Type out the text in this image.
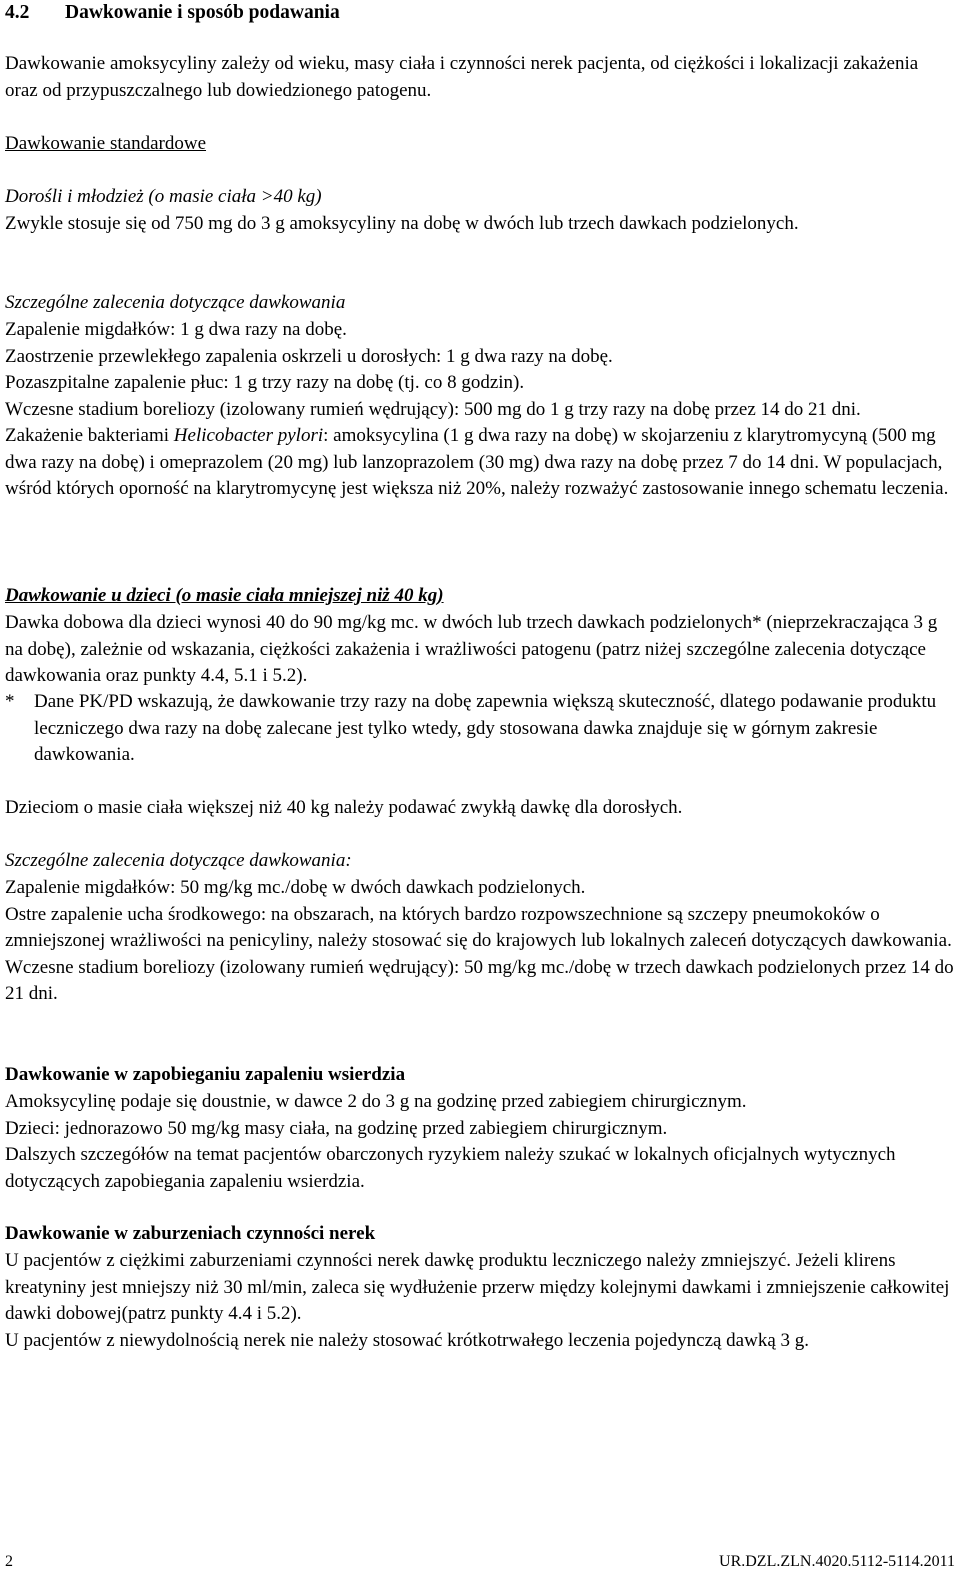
4.2 Dawkowanie i sposób podawania

Dawkowanie amoksycyliny zależy od wieku, masy ciała i czynności nerek pacjenta, od ciężkości i lokalizacji zakażenia oraz od przypuszczalnego lub dowiedzionego patogenu.

Dawkowanie standardowe

Dorośli i młodzież (o masie ciała >40 kg)

Zwykle stosuje się od 750 mg do 3 g amoksycyliny na dobę w dwóch lub trzech dawkach podzielonych.

Szczególne zalecenia dotyczące dawkowania

Zapalenie migdałków: 1 g dwa razy na dobę.

Zaostrzenie przewlekłego zapalenia oskrzeli u dorosłych: 1 g dwa razy na dobę.

Pozaszpitalne zapalenie płuc: 1 g trzy razy na dobę (tj. co 8 godzin).

Wczesne stadium boreliozy (izolowany rumień wędrujący): 500 mg do 1 g trzy razy na dobę przez 14 do 21 dni.

Zakażenie bakteriami Helicobacter pylori: amoksycylina (1 g dwa razy na dobę) w skojarzeniu z klarytromycyną (500 mg dwa razy na dobę) i omeprazolem (20 mg) lub lanzoprazolem (30 mg) dwa razy na dobę przez 7 do 14 dni. W populacjach, wśród których oporność na klarytromycynę jest większa niż 20%, należy rozważyć zastosowanie innego schematu leczenia.

Dawkowanie u dzieci (o masie ciała mniejszej niż 40 kg)

Dawka dobowa dla dzieci wynosi 40 do 90 mg/kg mc. w dwóch lub trzech dawkach podzielonych* (nieprzekraczająca 3 g na dobę), zależnie od wskazania, ciężkości zakażenia i wrażliwości patogenu (patrz niżej szczególne zalecenia dotyczące dawkowania oraz punkty 4.4, 5.1 i 5.2).

*	Dane PK/PD wskazują, że dawkowanie trzy razy na dobę zapewnia większą skuteczność, dlatego podawanie produktu leczniczego dwa razy na dobę zalecane jest tylko wtedy, gdy stosowana dawka znajduje się w górnym zakresie dawkowania.

Dzieciom o masie ciała większej niż 40 kg należy podawać zwykłą dawkę dla dorosłych.

Szczególne zalecenia dotyczące dawkowania:

Zapalenie migdałków: 50 mg/kg mc./dobę w dwóch dawkach podzielonych.

Ostre zapalenie ucha środkowego: na obszarach, na których bardzo rozpowszechnione są szczepy pneumokoków o zmniejszonej wrażliwości na penicyliny, należy stosować się do krajowych lub lokalnych zaleceń dotyczących dawkowania.

Wczesne stadium boreliozy (izolowany rumień wędrujący): 50 mg/kg mc./dobę w trzech dawkach podzielonych przez 14 do 21 dni.

Dawkowanie w zapobieganiu zapaleniu wsierdzia

Amoksycylinę podaje się doustnie, w dawce 2 do 3 g na godzinę przed zabiegiem chirurgicznym.

Dzieci: jednorazowo 50 mg/kg masy ciała, na godzinę przed zabiegiem chirurgicznym.

Dalszych szczegółów na temat pacjentów obarczonych ryzykiem należy szukać w lokalnych oficjalnych wytycznych dotyczących zapobiegania zapaleniu wsierdzia.

Dawkowanie w zaburzeniach czynności nerek

U pacjentów z ciężkimi zaburzeniami czynności nerek dawkę produktu leczniczego należy zmniejszyć. Jeżeli klirens kreatyniny jest mniejszy niż 30 ml/min, zaleca się wydłużenie przerw między kolejnymi dawkami i zmniejszenie całkowitej dawki dobowej(patrz punkty 4.4 i 5.2).

U pacjentów z niewydolnością nerek nie należy stosować krótkotrwałego leczenia pojedynczą dawką 3 g.

2	UR.DZL.ZLN.4020.5112-5114.2011
